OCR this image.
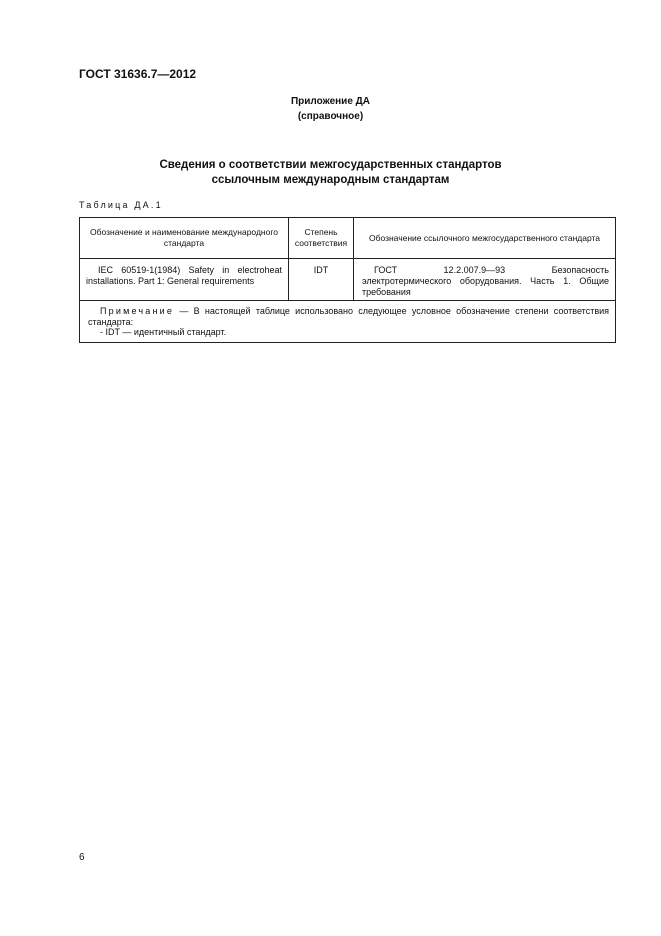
ГОСТ 31636.7—2012
Приложение ДА
(справочное)
Сведения о соответствии межгосударственных стандартов
ссылочным международным стандартам
Таблица ДА.1
Обозначение и наименование международного стандарта	Степень соответствия	Обозначение ссылочного межгосударственного стандарта
IEC 60519-1(1984) Safety in electroheat installations. Part 1: General requirements	IDT	ГОСТ 12.2.007.9—93 Безопасность электротермического оборудования. Часть 1. Общие требования

Примечание — В настоящей таблице использовано следующее условное обозначение степени соответствия стандарта:
- IDT — идентичный стандарт.		
6
